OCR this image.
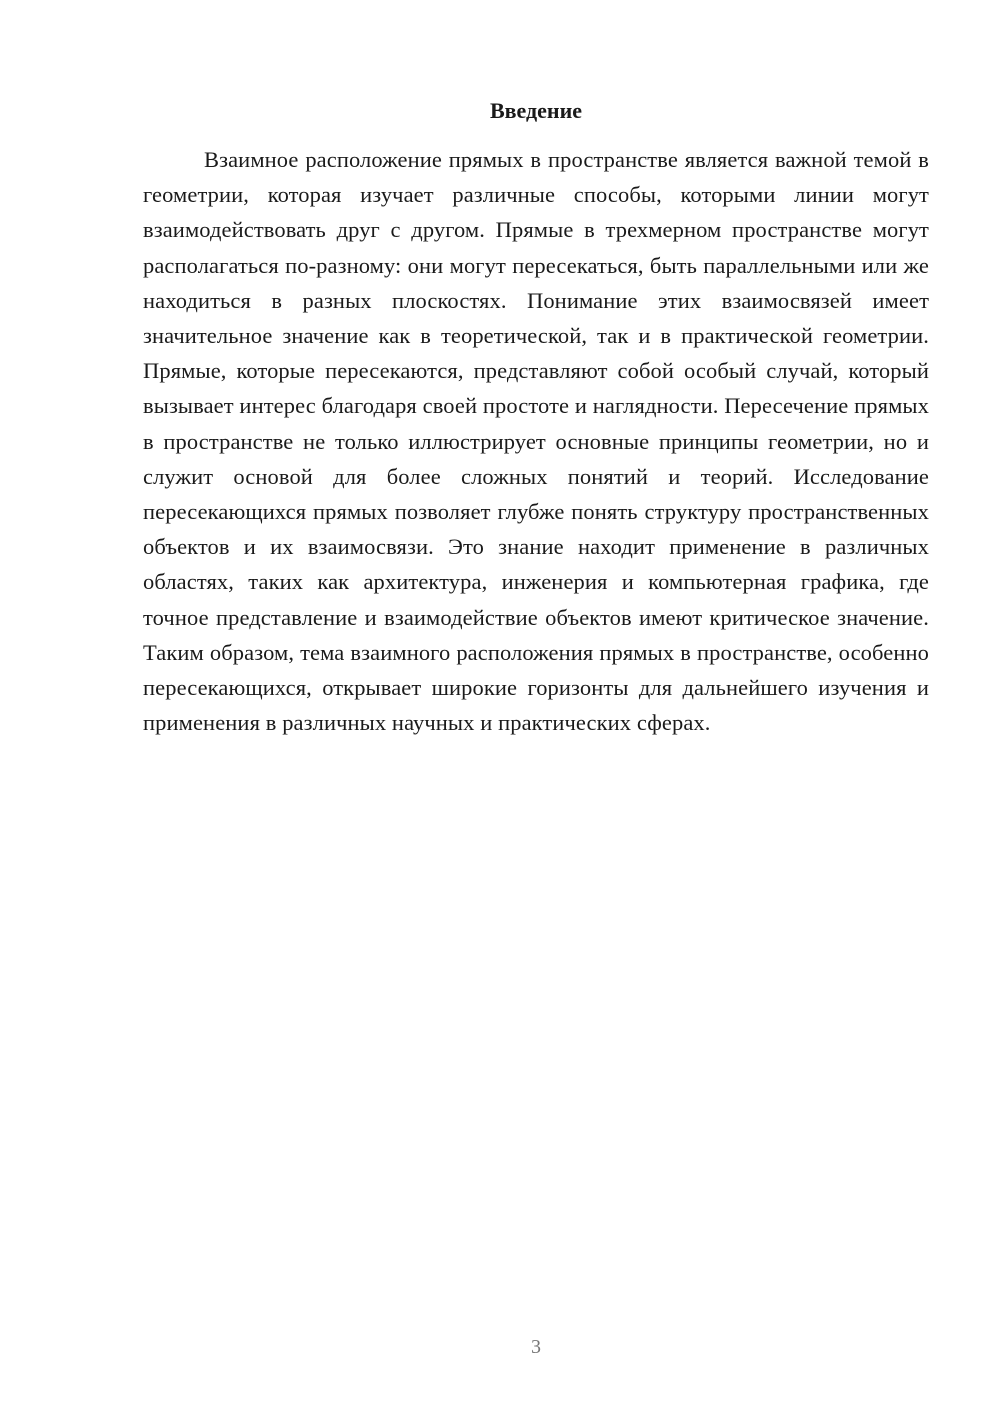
Введение

Взаимное расположение прямых в пространстве является важной темой в геометрии, которая изучает различные способы, которыми линии могут взаимодействовать друг с другом. Прямые в трехмерном пространстве могут располагаться по-разному: они могут пересекаться, быть параллельными или же находиться в разных плоскостях. Понимание этих взаимосвязей имеет значительное значение как в теоретической, так и в практической геометрии. Прямые, которые пересекаются, представляют собой особый случай, который вызывает интерес благодаря своей простоте и наглядности. Пересечение прямых в пространстве не только иллюстрирует основные принципы геометрии, но и служит основой для более сложных понятий и теорий. Исследование пересекающихся прямых позволяет глубже понять структуру пространственных объектов и их взаимосвязи. Это знание находит применение в различных областях, таких как архитектура, инженерия и компьютерная графика, где точное представление и взаимодействие объектов имеют критическое значение. Таким образом, тема взаимного расположения прямых в пространстве, особенно пересекающихся, открывает широкие горизонты для дальнейшего изучения и применения в различных научных и практических сферах.

3
